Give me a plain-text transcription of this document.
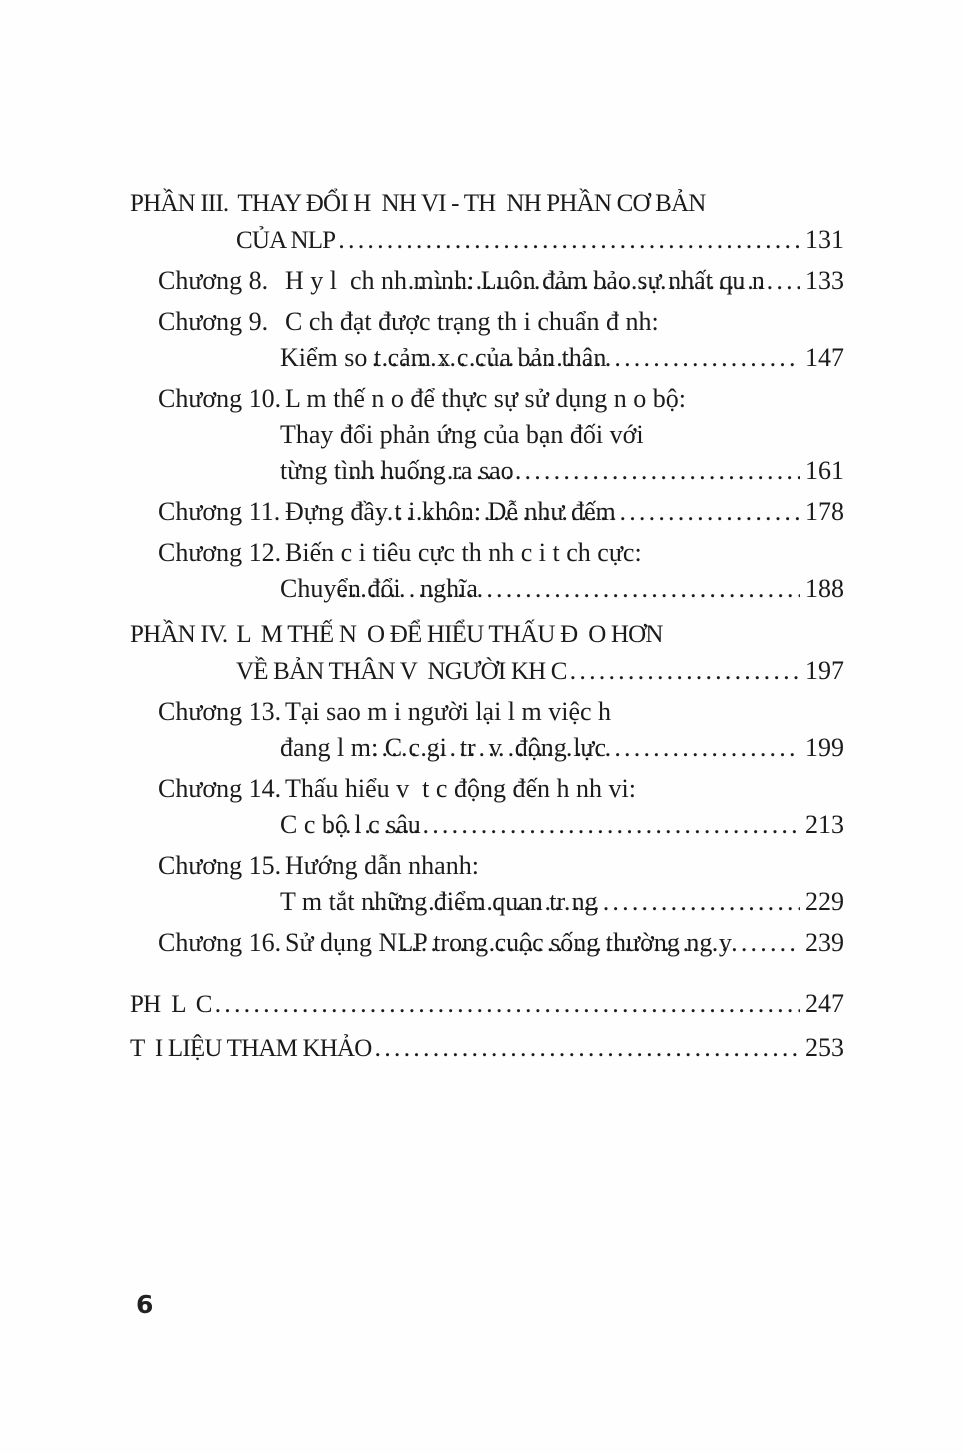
PHẦN III. THAY ĐỔI H  NH VI - TH  NH PHẦN CƠ BẢN
CỦA NLP .....	131
Chương 8. H y l  ch nh mình: Luôn đảm bảo sự nhất qu n ..... 133
Chương 9. C ch đạt được trạng th i chuẩn đ nh:
Kiểm so t cảm x c của bản thân .....	147
Chương 10. L m thế n o để thực sự sử dụng n o bộ:
Thay đổi phản ứng của bạn đối với
từng tình huống ra sao .....	161
Chương 11. Đựng đầy t i khôn: Dễ như đếm .....	178
Chương 12. Biến c i tiêu cực th nh c i t ch cực:
Chuyển đổi   nghĩa .....	188
PHẦN IV. L  M THẾ N  O ĐỂ HIỂU THẤU Đ  O HƠN
VỀ BẢN THÂN V  NGƯỜI KH C .....	197
Chương 13. Tại sao m i người lại l m việc h
đang l m: C c gi  tr  v  động lực .....	199
Chương 14. Thấu hiểu v  t c động đến h nh vi:
C c bộ l c sâu .....	213
Chương 15. Hướng dẫn nhanh:
T m tắt những điểm quan tr ng .....	229
Chương 16. Sử dụng NLP trong cuộc sống thường ng y .....	239
PH  L  C .....	247
T  I LIỆU THAM KHẢO .....	253
6
